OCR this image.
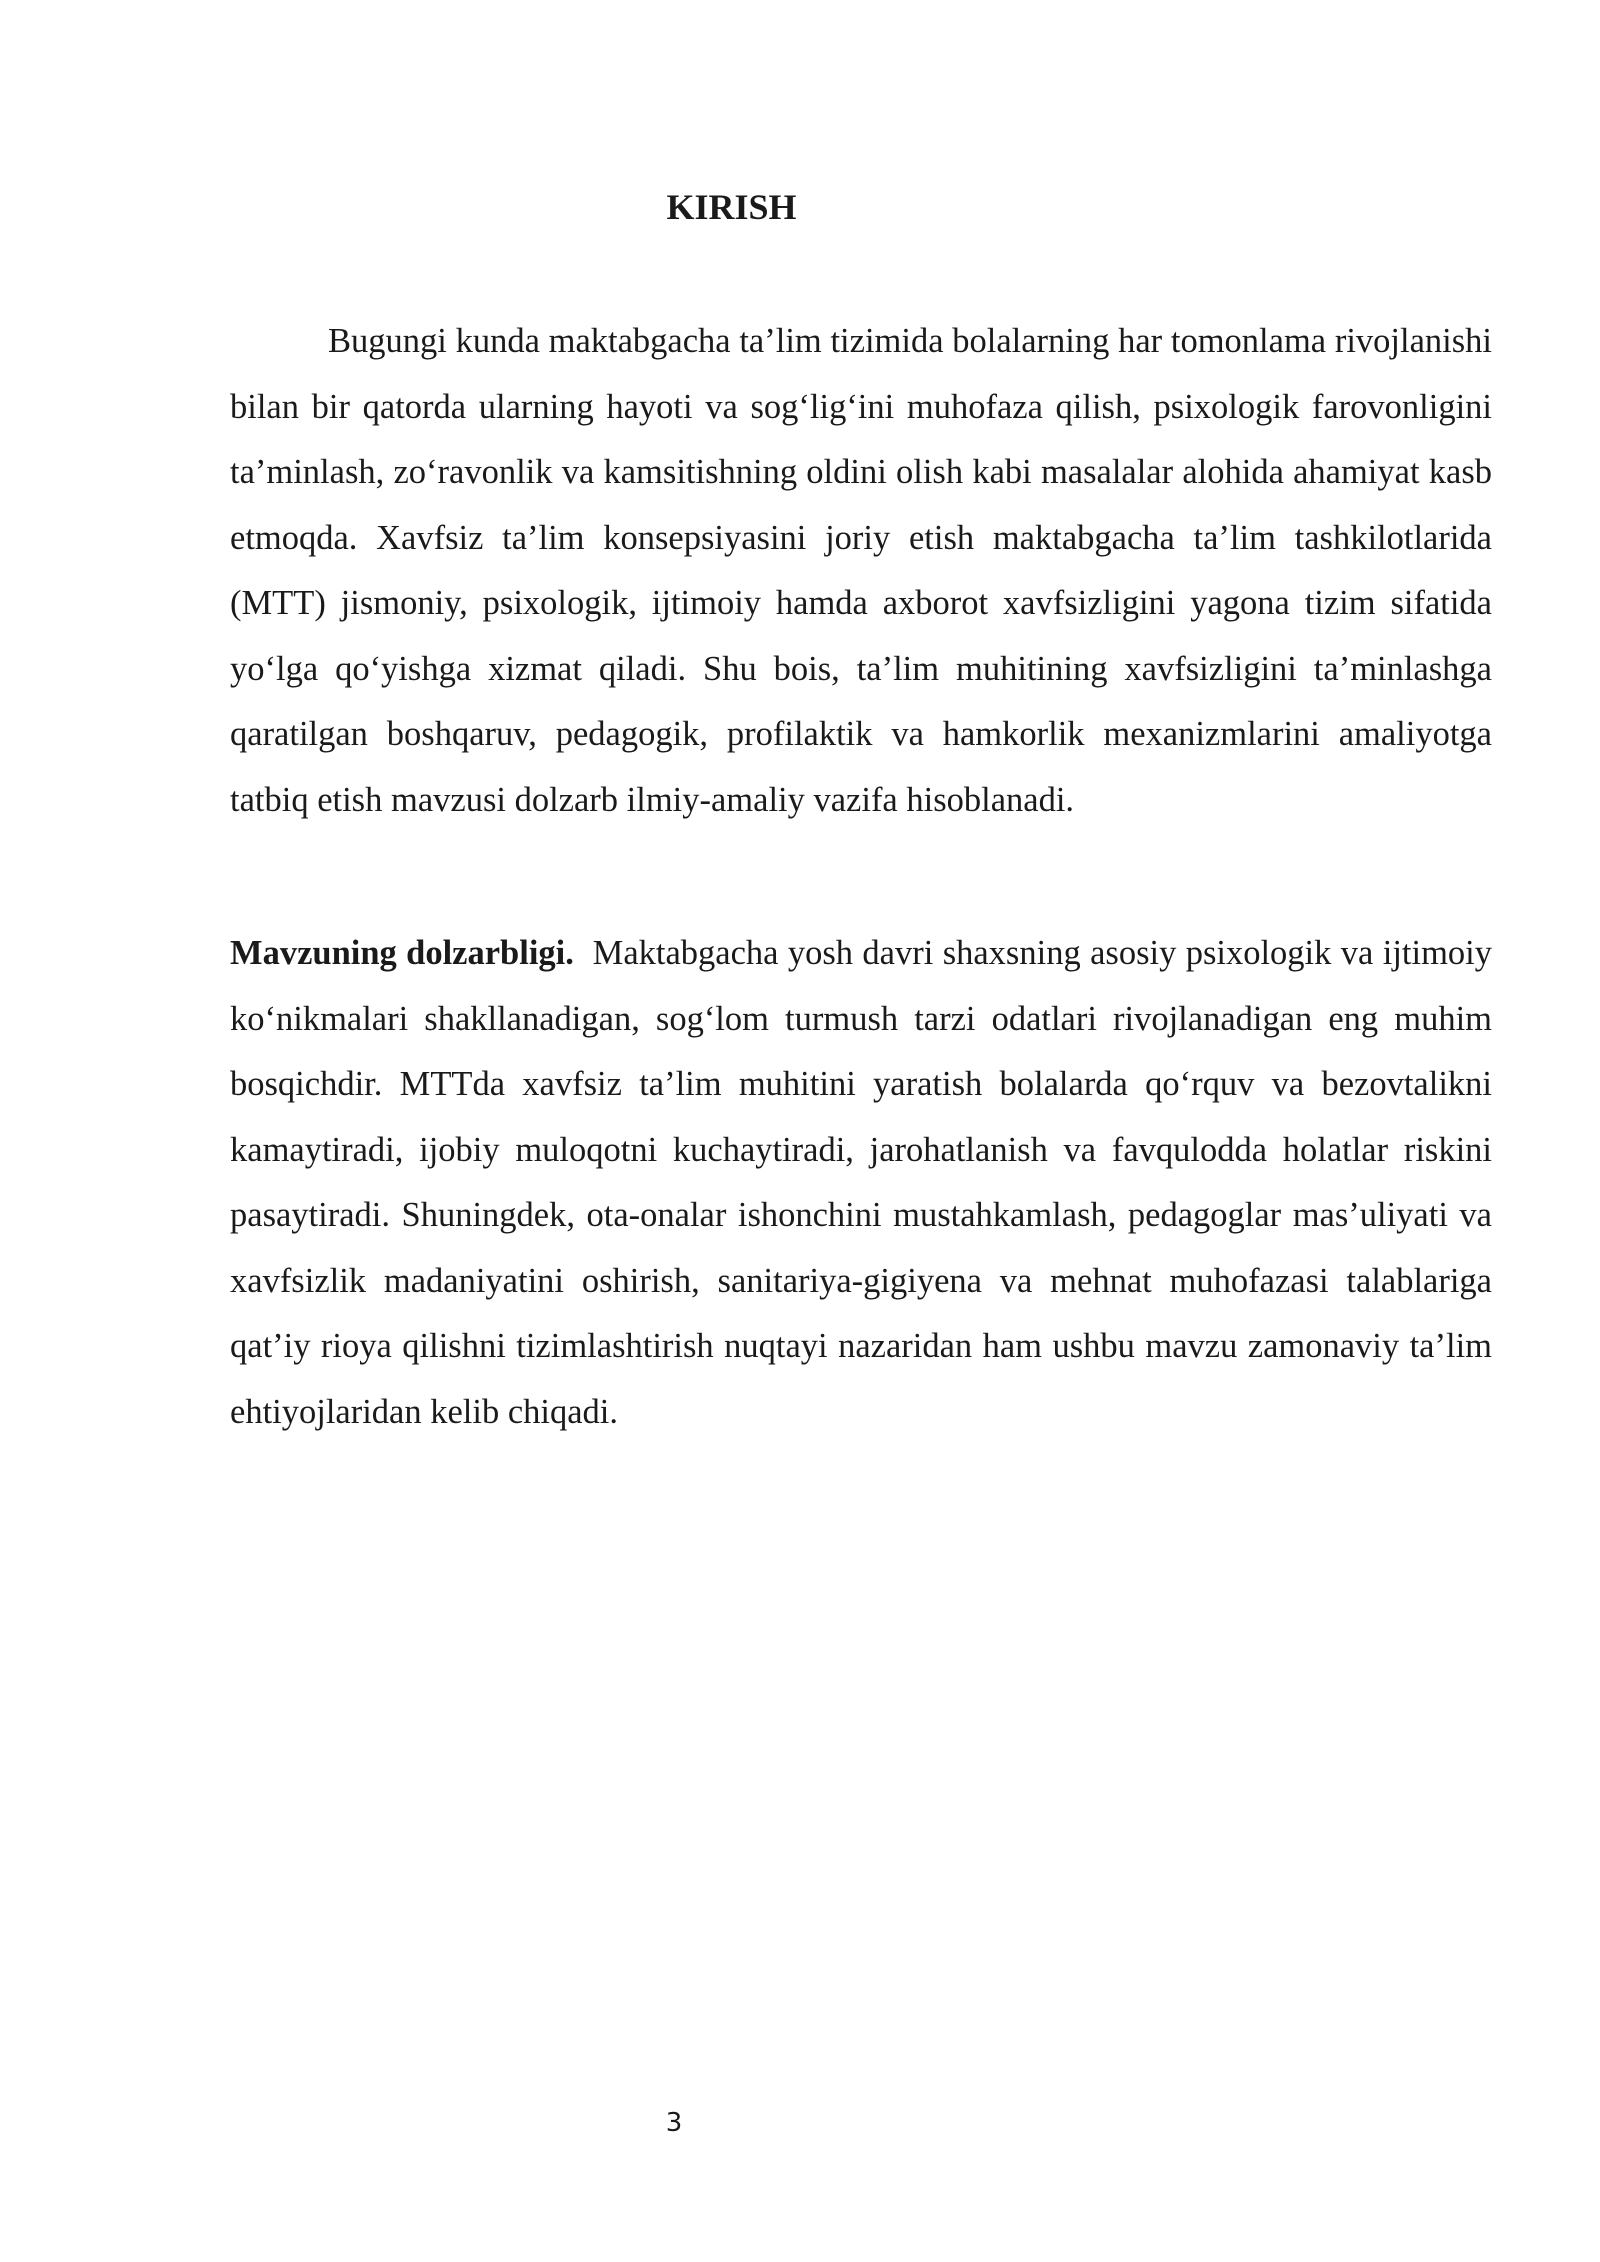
KIRISH

Bugungi kunda maktabgacha ta’lim tizimida bolalarning har tomonlama rivojlanishi bilan bir qatorda ularning hayoti va sog‘lig‘ini muhofaza qilish, psixologik farovonligini ta’minlash, zo‘ravonlik va kamsitishning oldini olish kabi masalalar alohida ahamiyat kasb etmoqda. Xavfsiz ta’lim konsepsiyasini joriy etish maktabgacha ta’lim tashkilotlarida (MTT) jismoniy, psixologik, ijtimoiy hamda axborot xavfsizligini yagona tizim sifatida yo‘lga qo‘yishga xizmat qiladi. Shu bois, ta’lim muhitining xavfsizligini ta’minlashga qaratilgan boshqaruv, pedagogik, profilaktik va hamkorlik mexanizmlarini amaliyotga tatbiq etish mavzusi dolzarb ilmiy-amaliy vazifa hisoblanadi.

Mavzuning dolzarbligi. Maktabgacha yosh davri shaxsning asosiy psixologik va ijtimoiy ko‘nikmalari shakllanadigan, sog‘lom turmush tarzi odatlari rivojlanadigan eng muhim bosqichdir. MTTda xavfsiz ta’lim muhitini yaratish bolalarda qo‘rquv va bezovtalikni kamaytiradi, ijobiy muloqotni kuchaytiradi, jarohatlanish va favqulodda holatlar riskini pasaytiradi. Shuningdek, ota-onalar ishonchini mustahkamlash, pedagoglar mas’uliyati va xavfsizlik madaniyatini oshirish, sanitariya-gigiyena va mehnat muhofazasi talablariga qat’iy rioya qilishni tizimlashtirish nuqtayi nazaridan ham ushbu mavzu zamonaviy ta’lim ehtiyojlaridan kelib chiqadi.

3
